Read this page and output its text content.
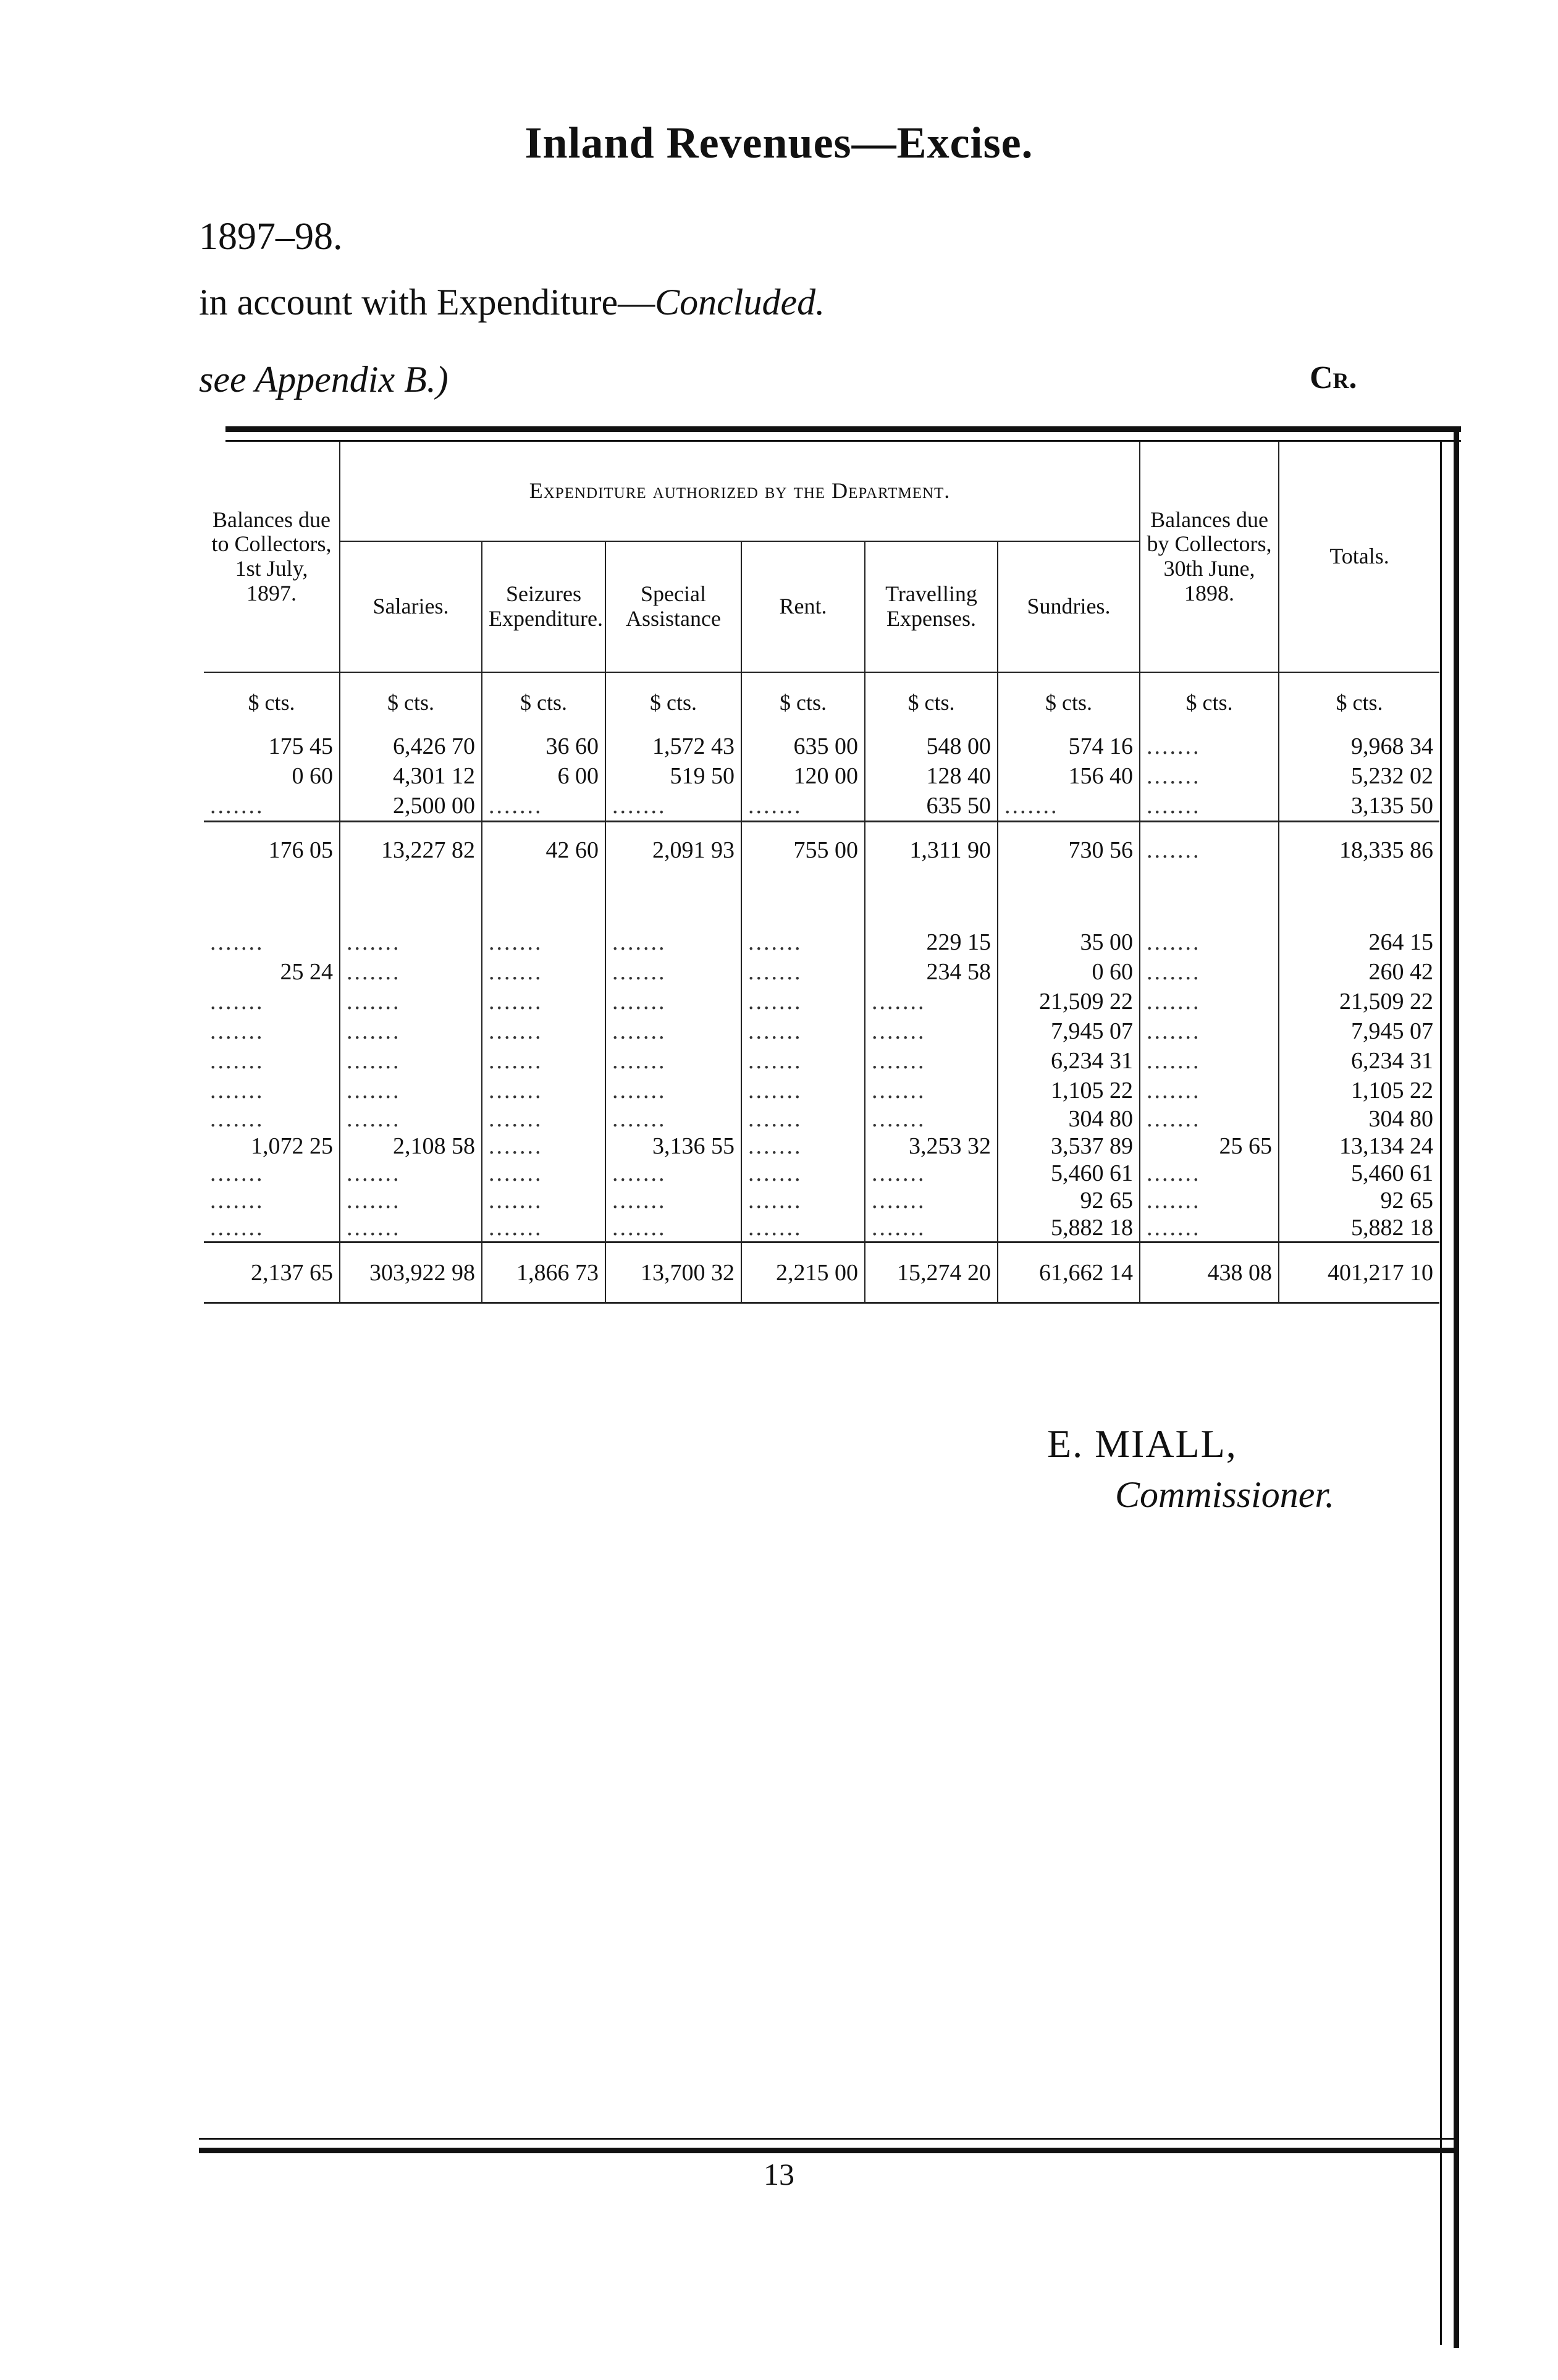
Inland Revenues—Excise.
1897–98.
in account with Expenditure—Concluded.
see Appendix B.)	Cr.
Balances due to Collectors, 1st July, 1897.	Expenditure authorized by the Department.						Balances due by Collectors, 30th June, 1898.	Totals.
	Salaries.	Seizures Expenditure.	Special Assistance	Rent.	Travelling Expenses.	Sundries.		
$ cts.	$ cts.	$ cts.	$ cts.	$ cts.	$ cts.	$ cts.	$ cts.	$ cts.
175 45	6,426 70	36 60	1,572 43	635 00	548 00	574 16	.......	9,968 34
0 60	4,301 12	6 00	519 50	120 00	128 40	156 40	.......	5,232 02
.......	2,500 00	.......	.......	.......	635 50	.......	.......	3,135 50
176 05	13,227 82	42 60	2,091 93	755 00	1,311 90	730 56	.......	18,335 86

.......	.......	.......	.......	.......	229 15	35 00	.......	264 15
25 24	.......	.......	.......	.......	234 58	0 60	.......	260 42
.......	.......	.......	.......	.......	.......	21,509 22	.......	21,509 22
.......	.......	.......	.......	.......	.......	7,945 07	.......	7,945 07
.......	.......	.......	.......	.......	.......	6,234 31	.......	6,234 31
.......	.......	.......	.......	.......	.......	1,105 22	.......	1,105 22
.......	.......	.......	.......	.......	.......	304 80	.......	304 80
1,072 25	2,108 58	.......	3,136 55	.......	3,253 32	3,537 89	25 65	13,134 24
.......	.......	.......	.......	.......	.......	5,460 61	.......	5,460 61
.......	.......	.......	.......	.......	.......	92 65	.......	92 65
.......	.......	.......	.......	.......	.......	5,882 18	.......	5,882 18
2,137 65	303,922 98	1,866 73	13,700 32	2,215 00	15,274 20	61,662 14	438 08	401,217 10
E. MIALL,
Commissioner.
13
